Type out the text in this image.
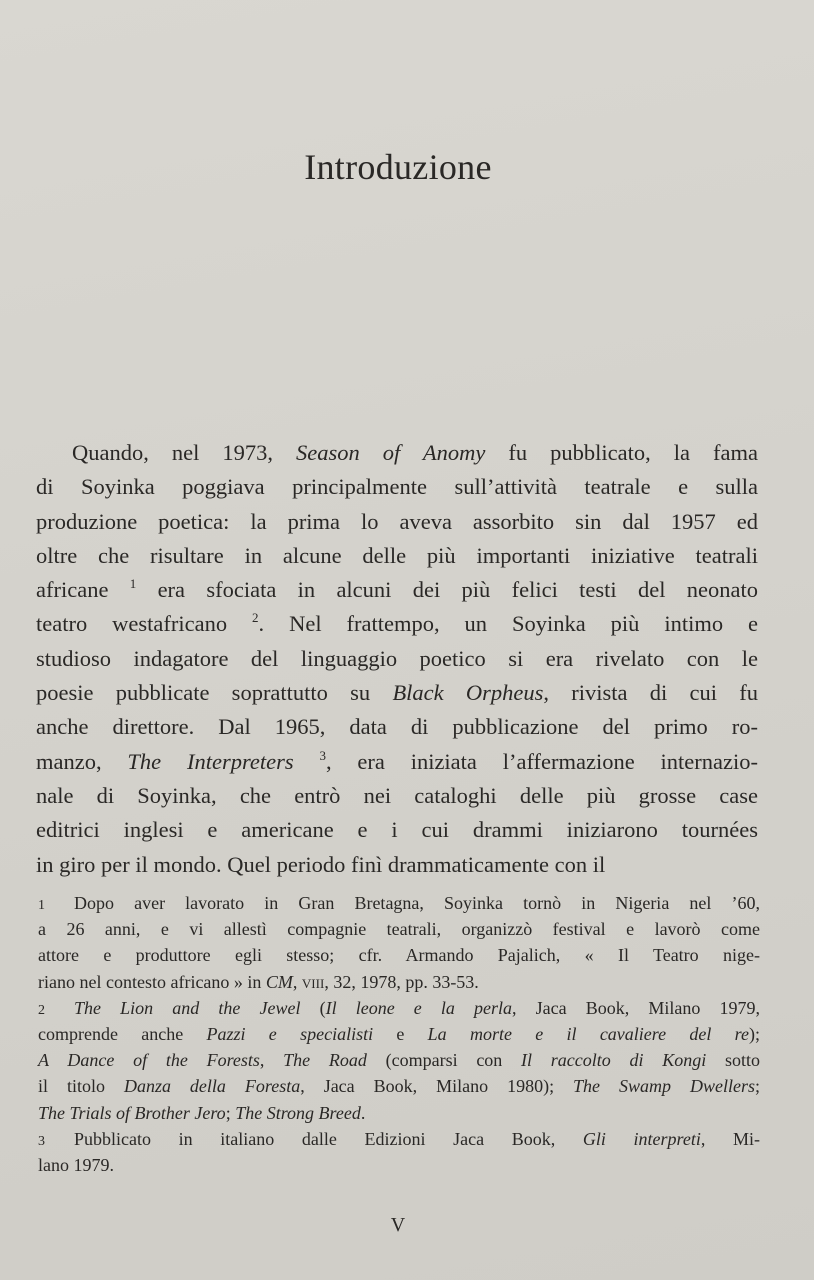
Introduzione
Quando, nel 1973, Season of Anomy fu pubblicato, la fama
di Soyinka poggiava principalmente sull’attività teatrale e sulla
produzione poetica: la prima lo aveva assorbito sin dal 1957 ed
oltre che risultare in alcune delle più importanti iniziative teatrali
africane $^1$ era sfociata in alcuni dei più felici testi del neonato
teatro westafricano $^2$. Nel frattempo, un Soyinka più intimo e
studioso indagatore del linguaggio poetico si era rivelato con le
poesie pubblicate soprattutto su Black Orpheus, rivista di cui fu
anche direttore. Dal 1965, data di pubblicazione del primo ro-
manzo, The Interpreters $^3$, era iniziata l’affermazione internazio-
nale di Soyinka, che entrò nei cataloghi delle più grosse case
editrici inglesi e americane e i cui drammi iniziarono tournées
in giro per il mondo. Quel periodo finì drammaticamente con il
1 Dopo aver lavorato in Gran Bretagna, Soyinka tornò in Nigeria nel ’60,
a 26 anni, e vi allestì compagnie teatrali, organizzò festival e lavorò come
attore e produttore egli stesso; cfr. Armando Pajalich, « Il Teatro nige-
riano nel contesto africano » in CM, viii, 32, 1978, pp. 33-53.
2 The Lion and the Jewel (Il leone e la perla, Jaca Book, Milano 1979,
comprende anche Pazzi e specialisti e La morte e il cavaliere del re);
A Dance of the Forests, The Road (comparsi con Il raccolto di Kongi sotto
il titolo Danza della Foresta, Jaca Book, Milano 1980); The Swamp Dwellers;
The Trials of Brother Jero; The Strong Breed.
3 Pubblicato in italiano dalle Edizioni Jaca Book, Gli interpreti, Mi-
lano 1979.
V
